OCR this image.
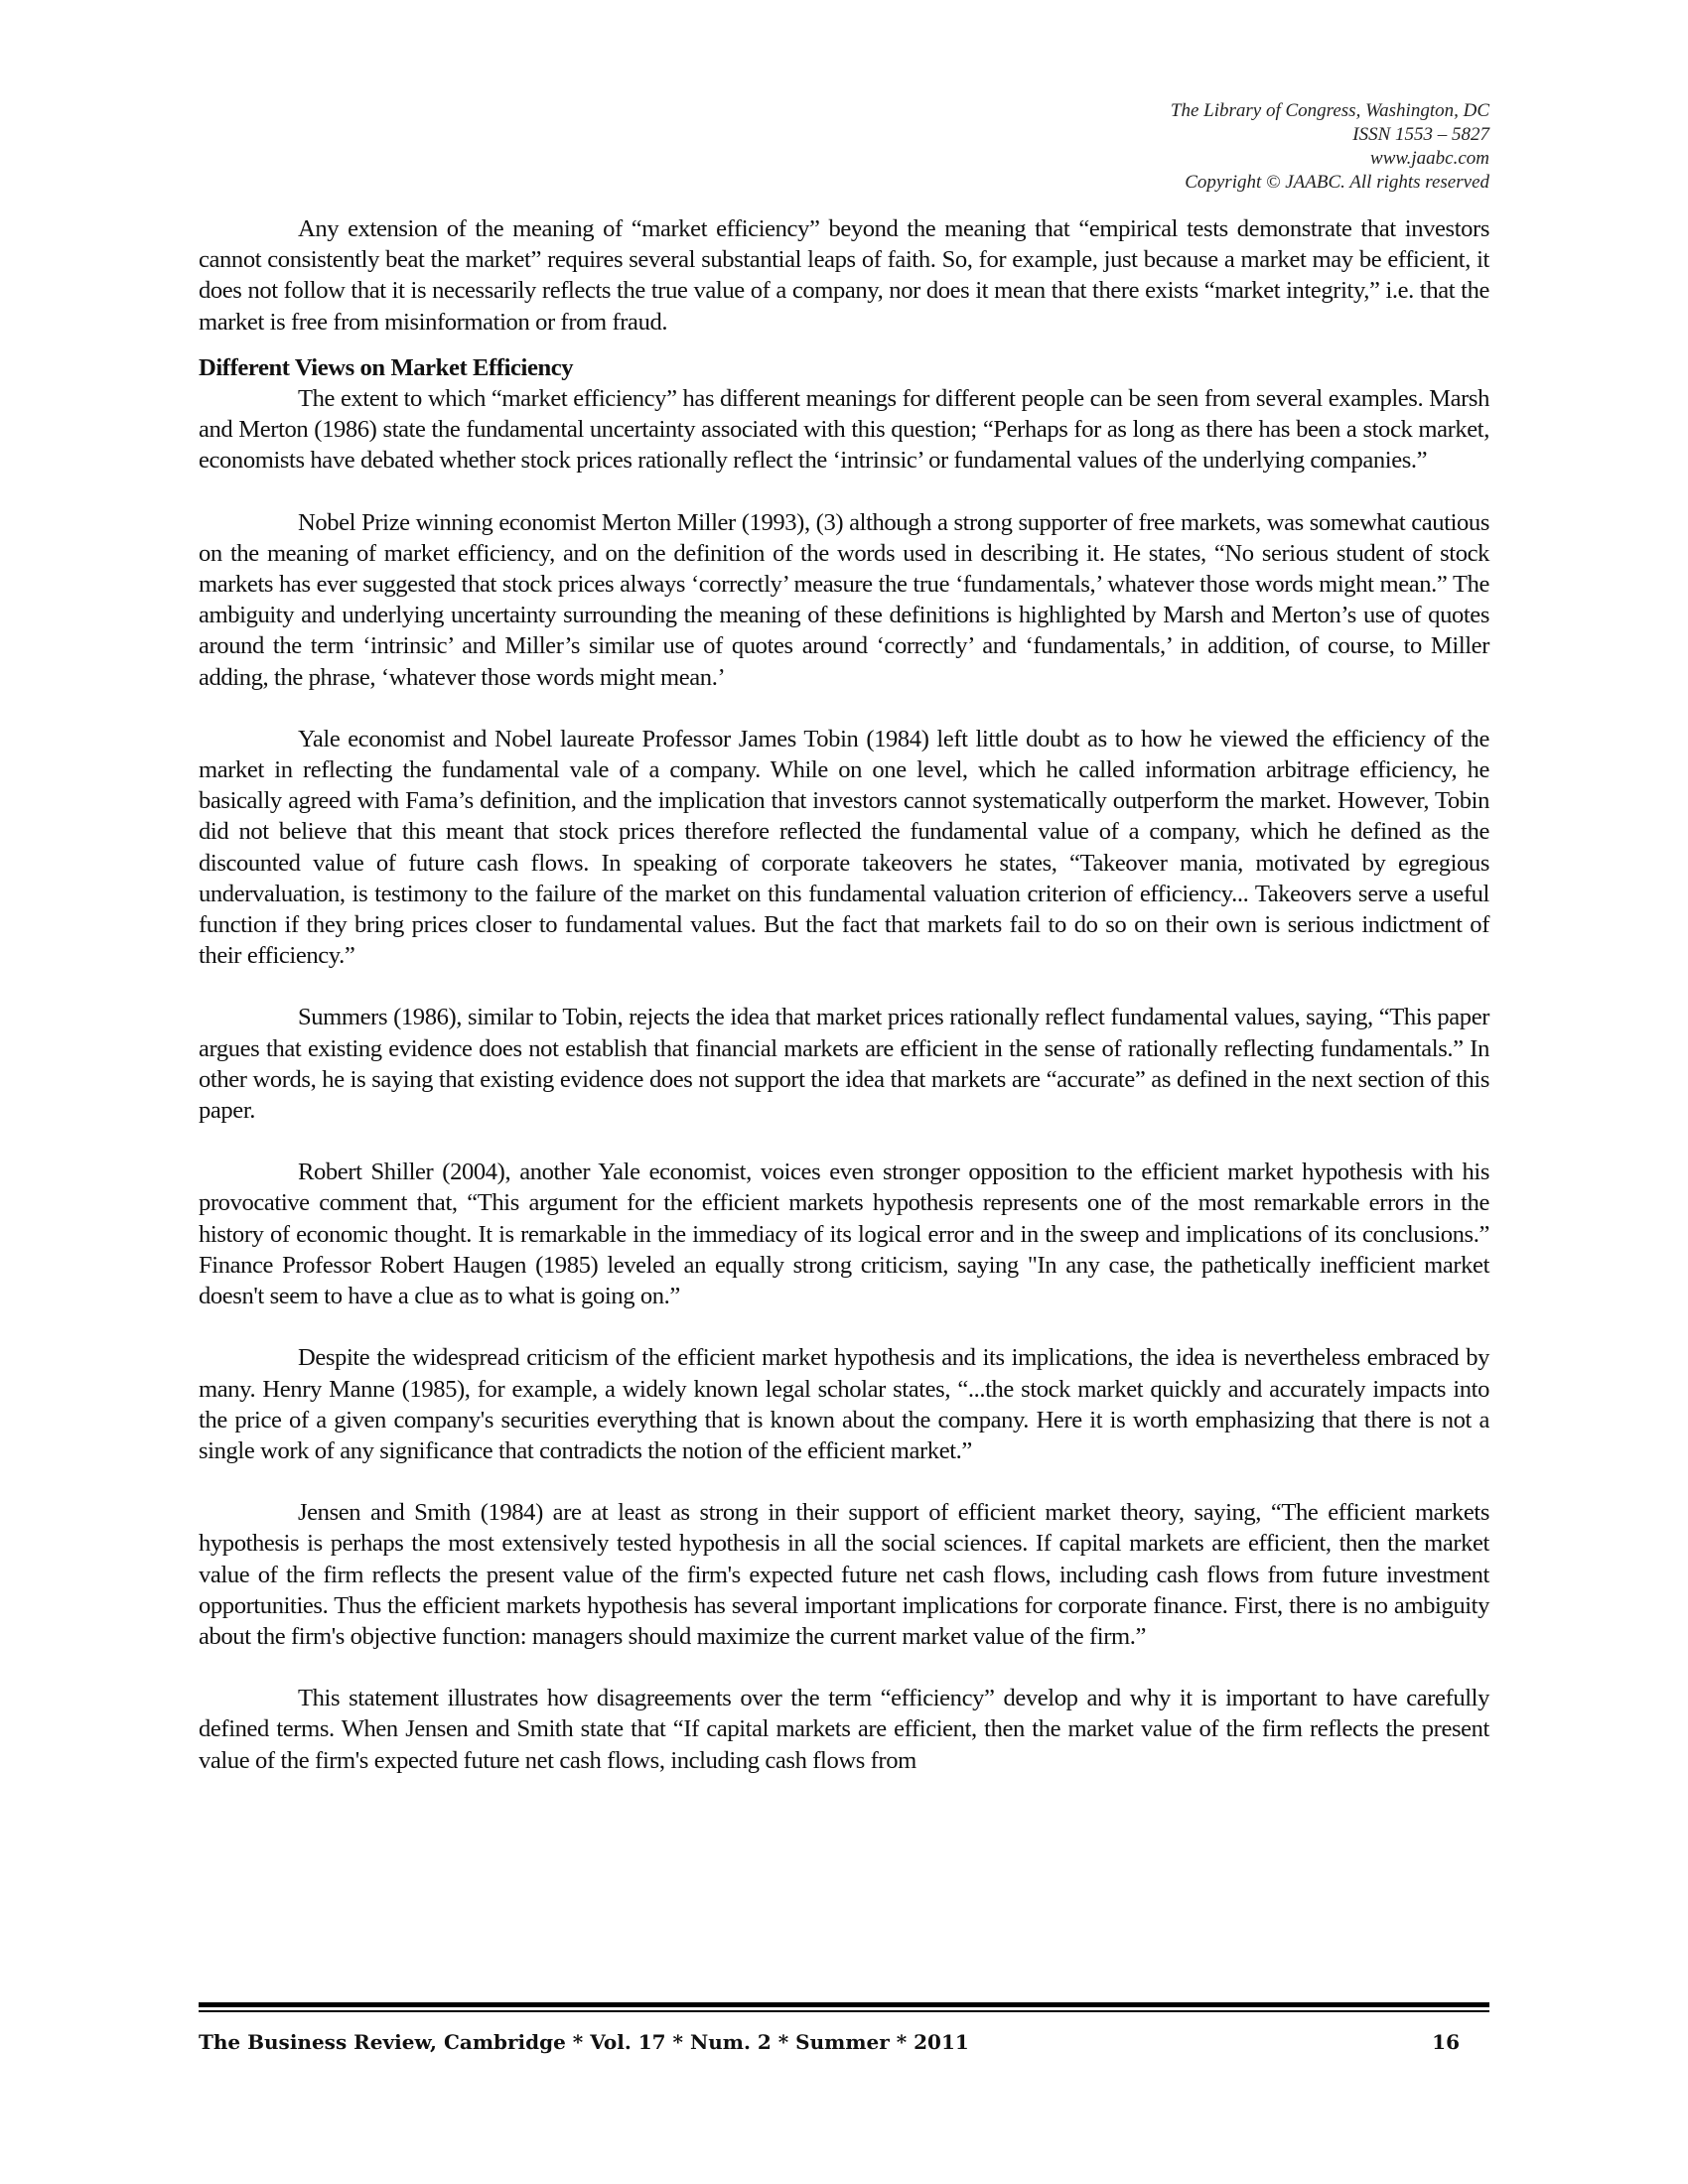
The Library of Congress, Washington, DC
ISSN 1553 – 5827
www.jaabc.com
Copyright © JAABC. All rights reserved

Any extension of the meaning of “market efficiency” beyond the meaning that “empirical tests demonstrate that investors cannot consistently beat the market” requires several substantial leaps of faith. So, for example, just because a market may be efficient, it does not follow that it is necessarily reflects the true value of a company, nor does it mean that there exists “market integrity,” i.e. that the market is free from misinformation or from fraud.

Different Views on Market Efficiency

The extent to which “market efficiency” has different meanings for different people can be seen from several examples. Marsh and Merton (1986) state the fundamental uncertainty associated with this question; “Perhaps for as long as there has been a stock market, economists have debated whether stock prices rationally reflect the ‘intrinsic’ or fundamental values of the underlying companies.”

Nobel Prize winning economist Merton Miller (1993), (3) although a strong supporter of free markets, was somewhat cautious on the meaning of market efficiency, and on the definition of the words used in describing it. He states, “No serious student of stock markets has ever suggested that stock prices always ‘correctly’ measure the true ‘fundamentals,’ whatever those words might mean.” The ambiguity and underlying uncertainty surrounding the meaning of these definitions is highlighted by Marsh and Merton’s use of quotes around the term ‘intrinsic’ and Miller’s similar use of quotes around ‘correctly’ and ‘fundamentals,’ in addition, of course, to Miller adding, the phrase, ‘whatever those words might mean.’

Yale economist and Nobel laureate Professor James Tobin (1984) left little doubt as to how he viewed the efficiency of the market in reflecting the fundamental vale of a company. While on one level, which he called information arbitrage efficiency, he basically agreed with Fama’s definition, and the implication that investors cannot systematically outperform the market. However, Tobin did not believe that this meant that stock prices therefore reflected the fundamental value of a company, which he defined as the discounted value of future cash flows. In speaking of corporate takeovers he states, “Takeover mania, motivated by egregious undervaluation, is testimony to the failure of the market on this fundamental valuation criterion of efficiency... Takeovers serve a useful function if they bring prices closer to fundamental values. But the fact that markets fail to do so on their own is serious indictment of their efficiency.”

Summers (1986), similar to Tobin, rejects the idea that market prices rationally reflect fundamental values, saying, “This paper argues that existing evidence does not establish that financial markets are efficient in the sense of rationally reflecting fundamentals.” In other words, he is saying that existing evidence does not support the idea that markets are “accurate” as defined in the next section of this paper.

Robert Shiller (2004), another Yale economist, voices even stronger opposition to the efficient market hypothesis with his provocative comment that, “This argument for the efficient markets hypothesis represents one of the most remarkable errors in the history of economic thought. It is remarkable in the immediacy of its logical error and in the sweep and implications of its conclusions.” Finance Professor Robert Haugen (1985) leveled an equally strong criticism, saying "In any case, the pathetically inefficient market doesn't seem to have a clue as to what is going on.”

Despite the widespread criticism of the efficient market hypothesis and its implications, the idea is nevertheless embraced by many. Henry Manne (1985), for example, a widely known legal scholar states, “...the stock market quickly and accurately impacts into the price of a given company's securities everything that is known about the company. Here it is worth emphasizing that there is not a single work of any significance that contradicts the notion of the efficient market.”

Jensen and Smith (1984) are at least as strong in their support of efficient market theory, saying, “The efficient markets hypothesis is perhaps the most extensively tested hypothesis in all the social sciences. If capital markets are efficient, then the market value of the firm reflects the present value of the firm's expected future net cash flows, including cash flows from future investment opportunities. Thus the efficient markets hypothesis has several important implications for corporate finance. First, there is no ambiguity about the firm's objective function: managers should maximize the current market value of the firm.”

This statement illustrates how disagreements over the term “efficiency” develop and why it is important to have carefully defined terms. When Jensen and Smith state that “If capital markets are efficient, then the market value of the firm reflects the present value of the firm's expected future net cash flows, including cash flows from

The Business Review, Cambridge * Vol. 17 * Num. 2 * Summer * 2011	16
